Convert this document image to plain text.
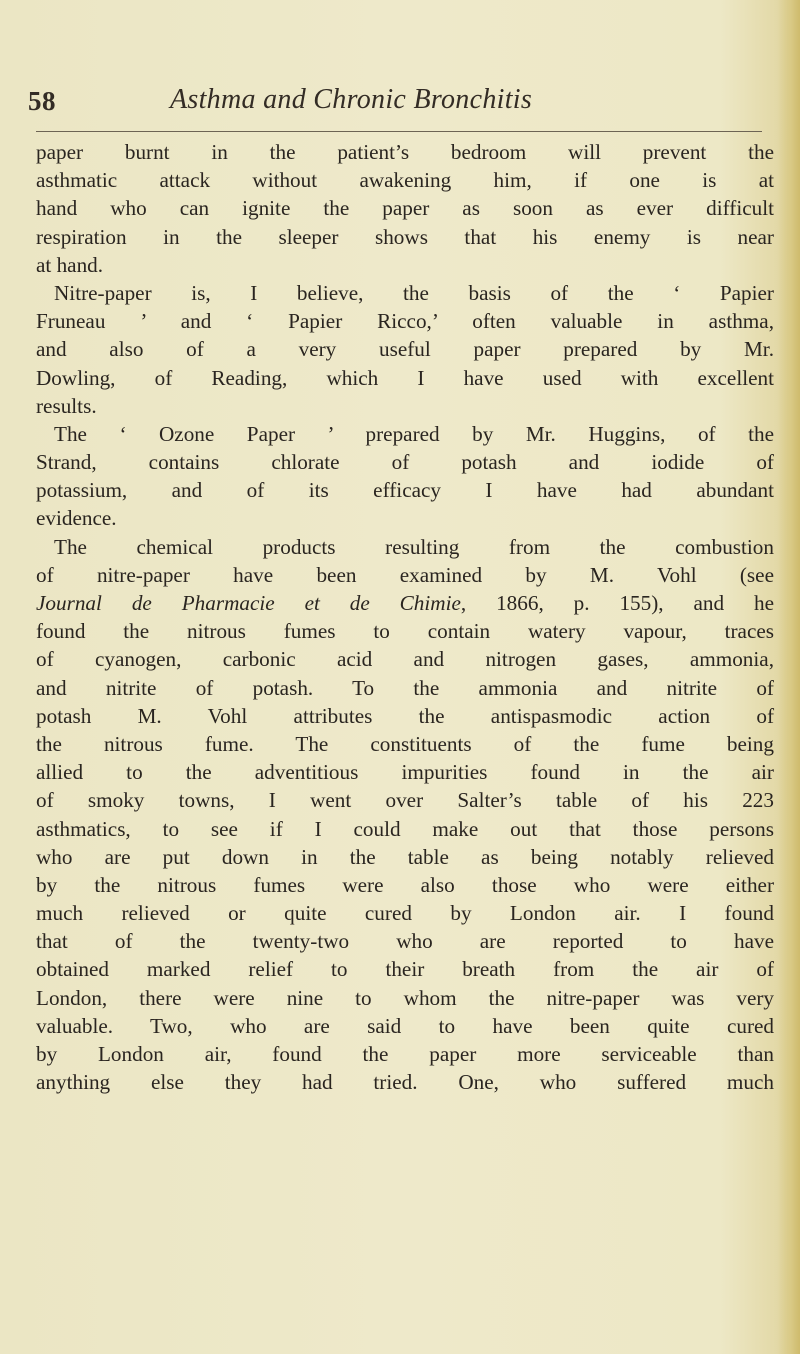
58	Asthma and Chronic Bronchitis
paper burnt in the patient’s bedroom will prevent the
asthmatic attack without awakening him, if one is at
hand who can ignite the paper as soon as ever difficult
respiration in the sleeper shows that his enemy is near
at hand.
Nitre-paper is, I believe, the basis of the ‘ Papier
Fruneau ’ and ‘ Papier Ricco,’ often valuable in asthma,
and also of a very useful paper prepared by Mr.
Dowling, of Reading, which I have used with excellent
results.
The ‘ Ozone Paper ’ prepared by Mr. Huggins, of the
Strand, contains chlorate of potash and iodide of
potassium, and of its efficacy I have had abundant
evidence.
The chemical products resulting from the combustion
of nitre-paper have been examined by M. Vohl (see
Journal de Pharmacie et de Chimie, 1866, p. 155), and he
found the nitrous fumes to contain watery vapour, traces
of cyanogen, carbonic acid and nitrogen gases, ammonia,
and nitrite of potash. To the ammonia and nitrite of
potash M. Vohl attributes the antispasmodic action of
the nitrous fume. The constituents of the fume being
allied to the adventitious impurities found in the air
of smoky towns, I went over Salter’s table of his 223
asthmatics, to see if I could make out that those persons
who are put down in the table as being notably relieved
by the nitrous fumes were also those who were either
much relieved or quite cured by London air. I found
that of the twenty-two who are reported to have
obtained marked relief to their breath from the air of
London, there were nine to whom the nitre-paper was very
valuable. Two, who are said to have been quite cured
by London air, found the paper more serviceable than
anything else they had tried. One, who suffered much
